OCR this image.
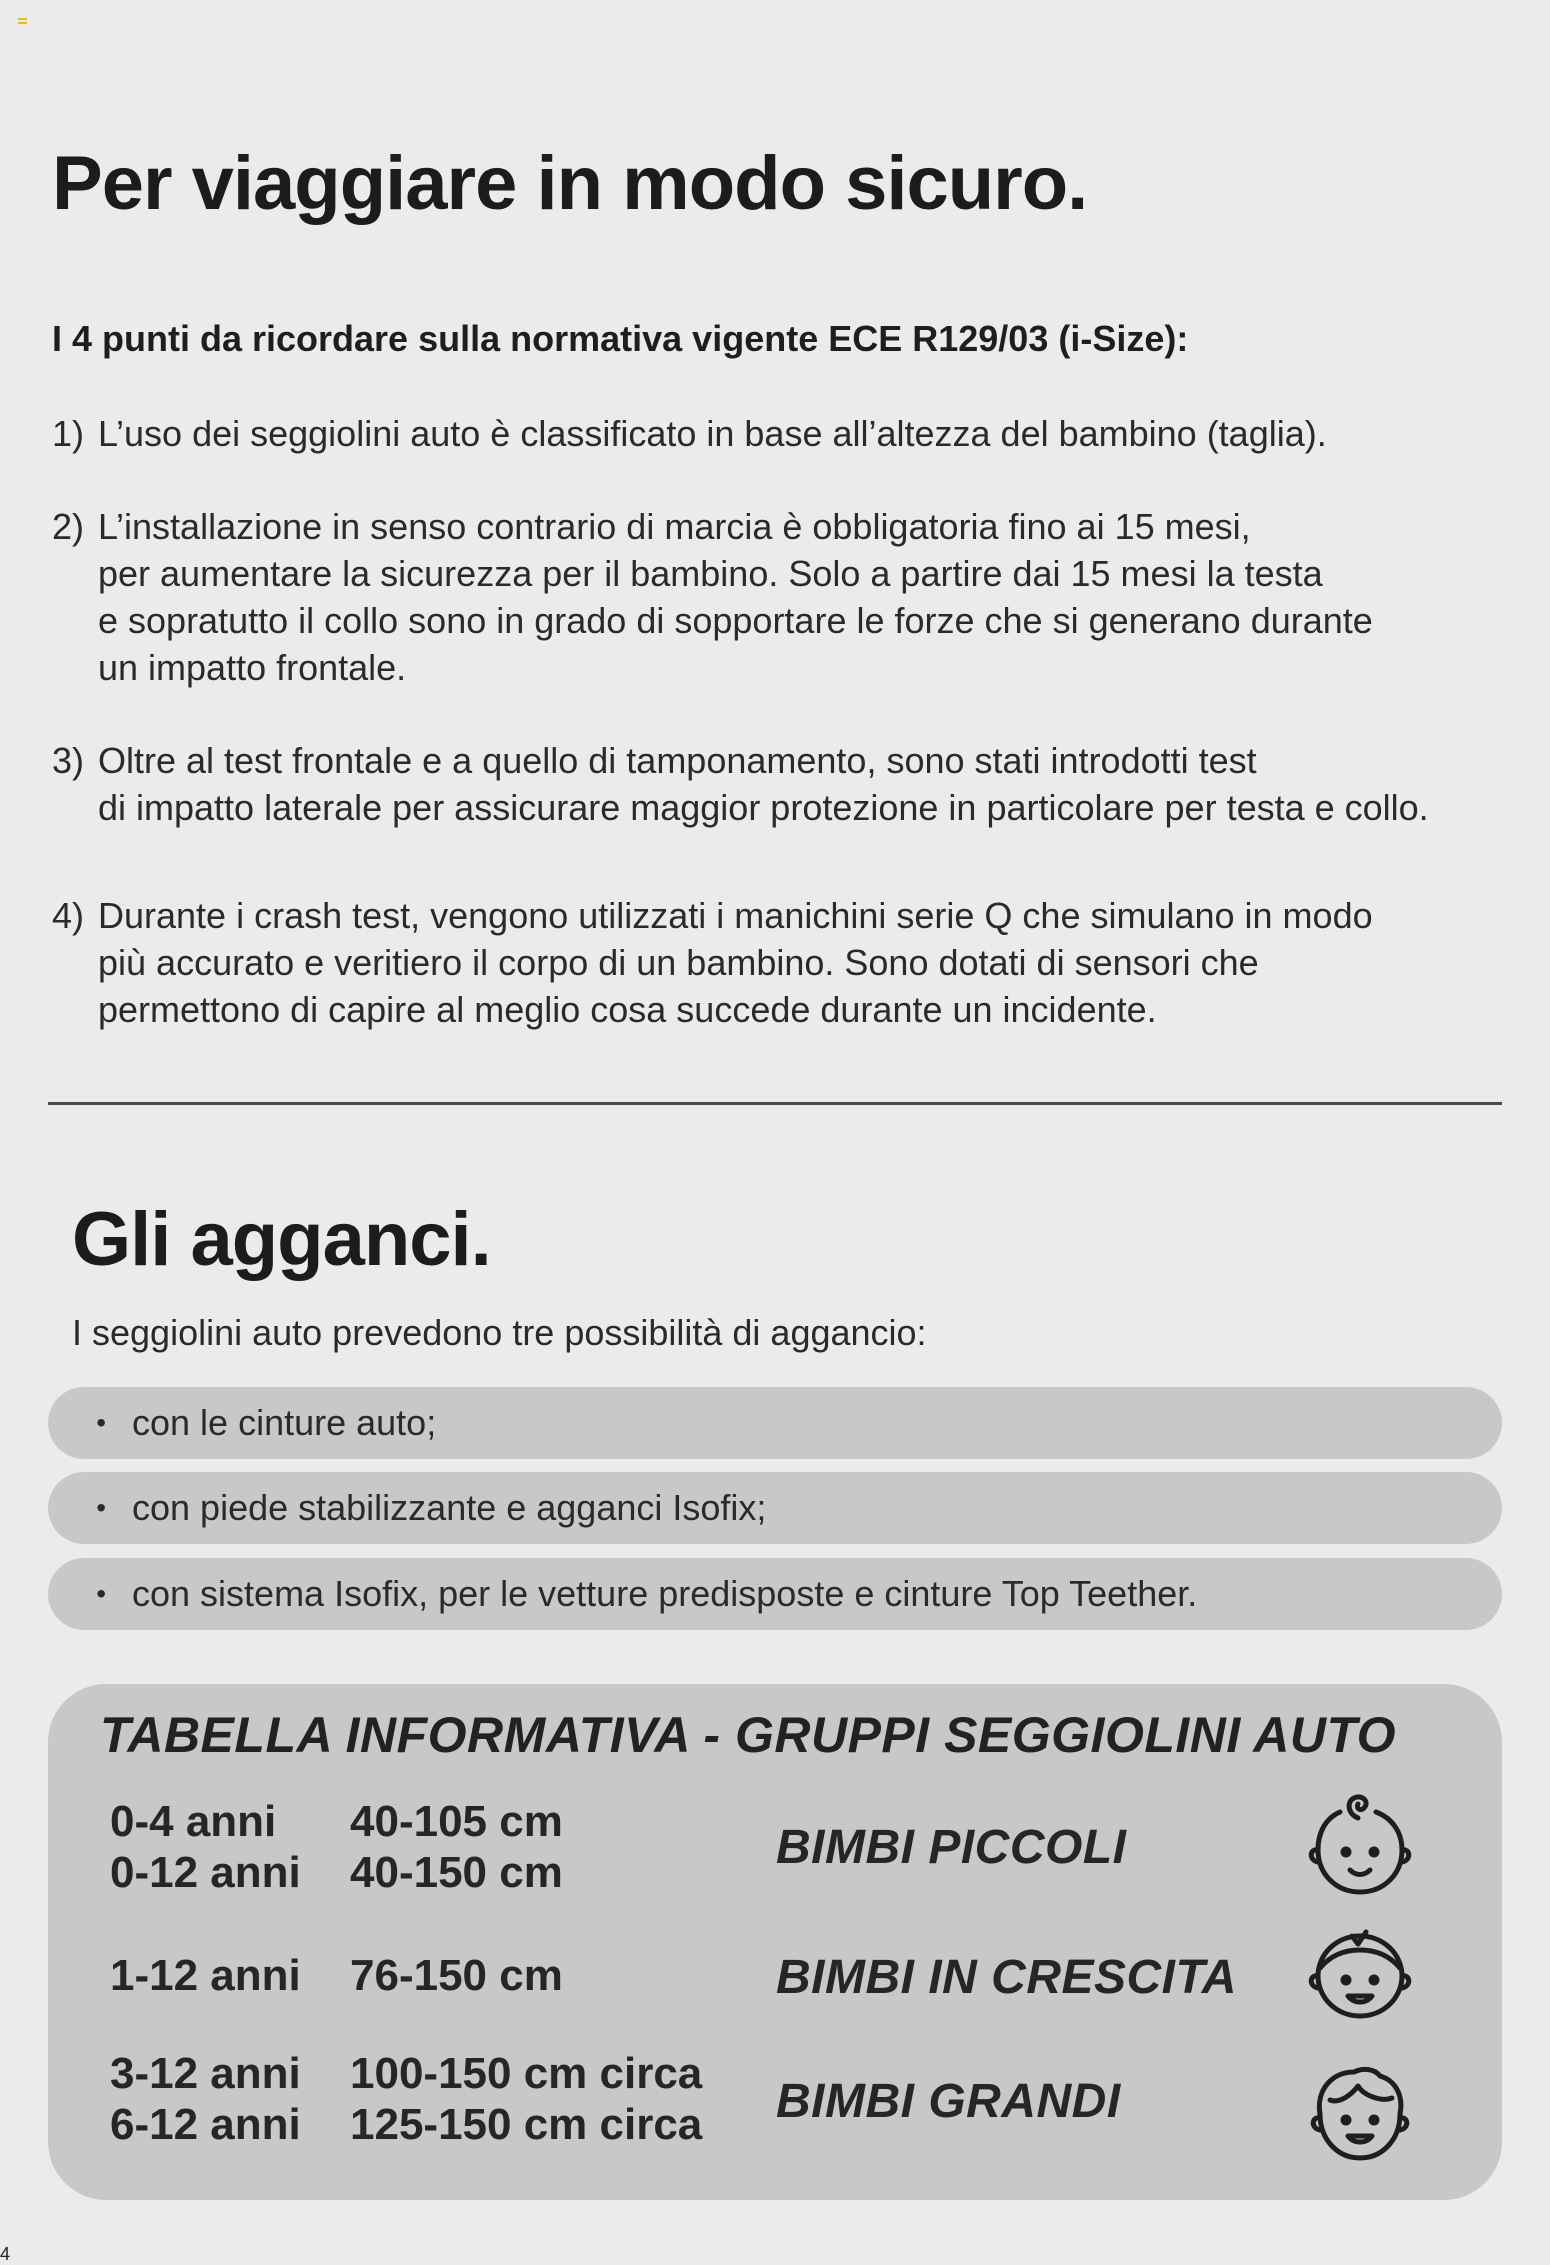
Per viaggiare in modo sicuro.
I 4 punti da ricordare sulla normativa vigente ECE R129/03 (i-Size):
1) L’uso dei seggiolini auto è classificato in base all’altezza del bambino (taglia).
2) L’installazione in senso contrario di marcia è obbligatoria fino ai 15 mesi,
per aumentare la sicurezza per il bambino. Solo a partire dai 15 mesi la testa
e sopratutto il collo sono in grado di sopportare le forze che si generano durante
un impatto frontale.
3) Oltre al test frontale e a quello di tamponamento, sono stati introdotti test
di impatto laterale per assicurare maggior protezione in particolare per testa e collo.
4) Durante i crash test, vengono utilizzati i manichini serie Q che simulano in modo
più accurato e veritiero il corpo di un bambino. Sono dotati di sensori che
permettono di capire al meglio cosa succede durante un incidente.
Gli agganci.
I seggiolini auto prevedono tre possibilità di aggancio:
• con le cinture auto;
• con piede stabilizzante e agganci Isofix;
• con sistema Isofix, per le vetture predisposte e cinture Top Teether.
TABELLA INFORMATIVA - GRUPPI SEGGIOLINI AUTO
0-4 anni
0-12 anni
40-105 cm
40-150 cm	BIMBI PICCOLI
1-12 anni 76-150 cm	BIMBI IN CRESCITA
3-12 anni
6-12 anni
100-150 cm circa
125-150 cm circa BIMBI GRANDI
4
